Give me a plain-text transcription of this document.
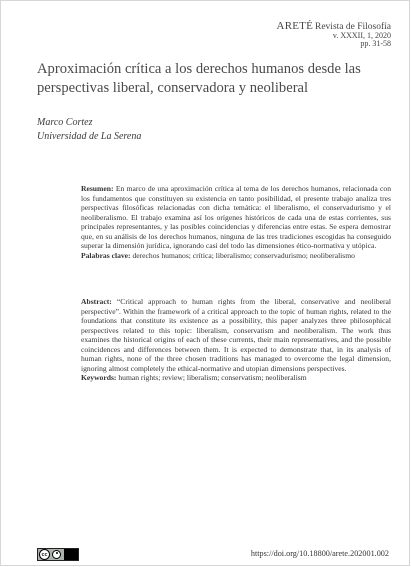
ARETÉ Revista de Filosofía
v. XXXII, 1, 2020
pp. 31-58
Aproximación crítica a los derechos humanos desde las perspectivas liberal, conservadora y neoliberal
Marco Cortez
Universidad de La Serena
Resumen: En marco de una aproximación crítica al tema de los derechos humanos, relacionada con los fundamentos que constituyen su existencia en tanto posibilidad, el presente trabajo analiza tres perspectivas filosóficas relacionadas con dicha temática: el liberalismo, el conservadurismo y el neoliberalismo. El trabajo examina así los orígenes históricos de cada una de estas corrientes, sus principales representantes, y las posibles coincidencias y diferencias entre estas. Se espera demostrar que, en su análisis de los derechos humanos, ninguna de las tres tradiciones escogidas ha conseguido superar la dimensión jurídica, ignorando casi del todo las dimensiones ético-normativa y utópica.
Palabras clave: derechos humanos; crítica; liberalismo; conservadurismo; neoliberalismo
Abstract: “Critical approach to human rights from the liberal, conservative and neoliberal perspective”. Within the framework of a critical approach to the topic of human rights, related to the foundations that constitute its existence as a possibility, this paper analyzes three philosophical perspectives related to this topic: liberalism, conservatism and neoliberalism. The work thus examines the historical origins of each of these currents, their main representatives, and the possible coincidences and differences between them. It is expected to demonstrate that, in its analysis of human rights, none of the three chosen traditions has managed to overcome the legal dimension, ignoring almost completely the ethical-normative and utopian dimensions perspectives.
Keywords: human rights; review; liberalism; conservatism; neoliberalism
cc	https://doi.org/10.18800/arete.202001.002
